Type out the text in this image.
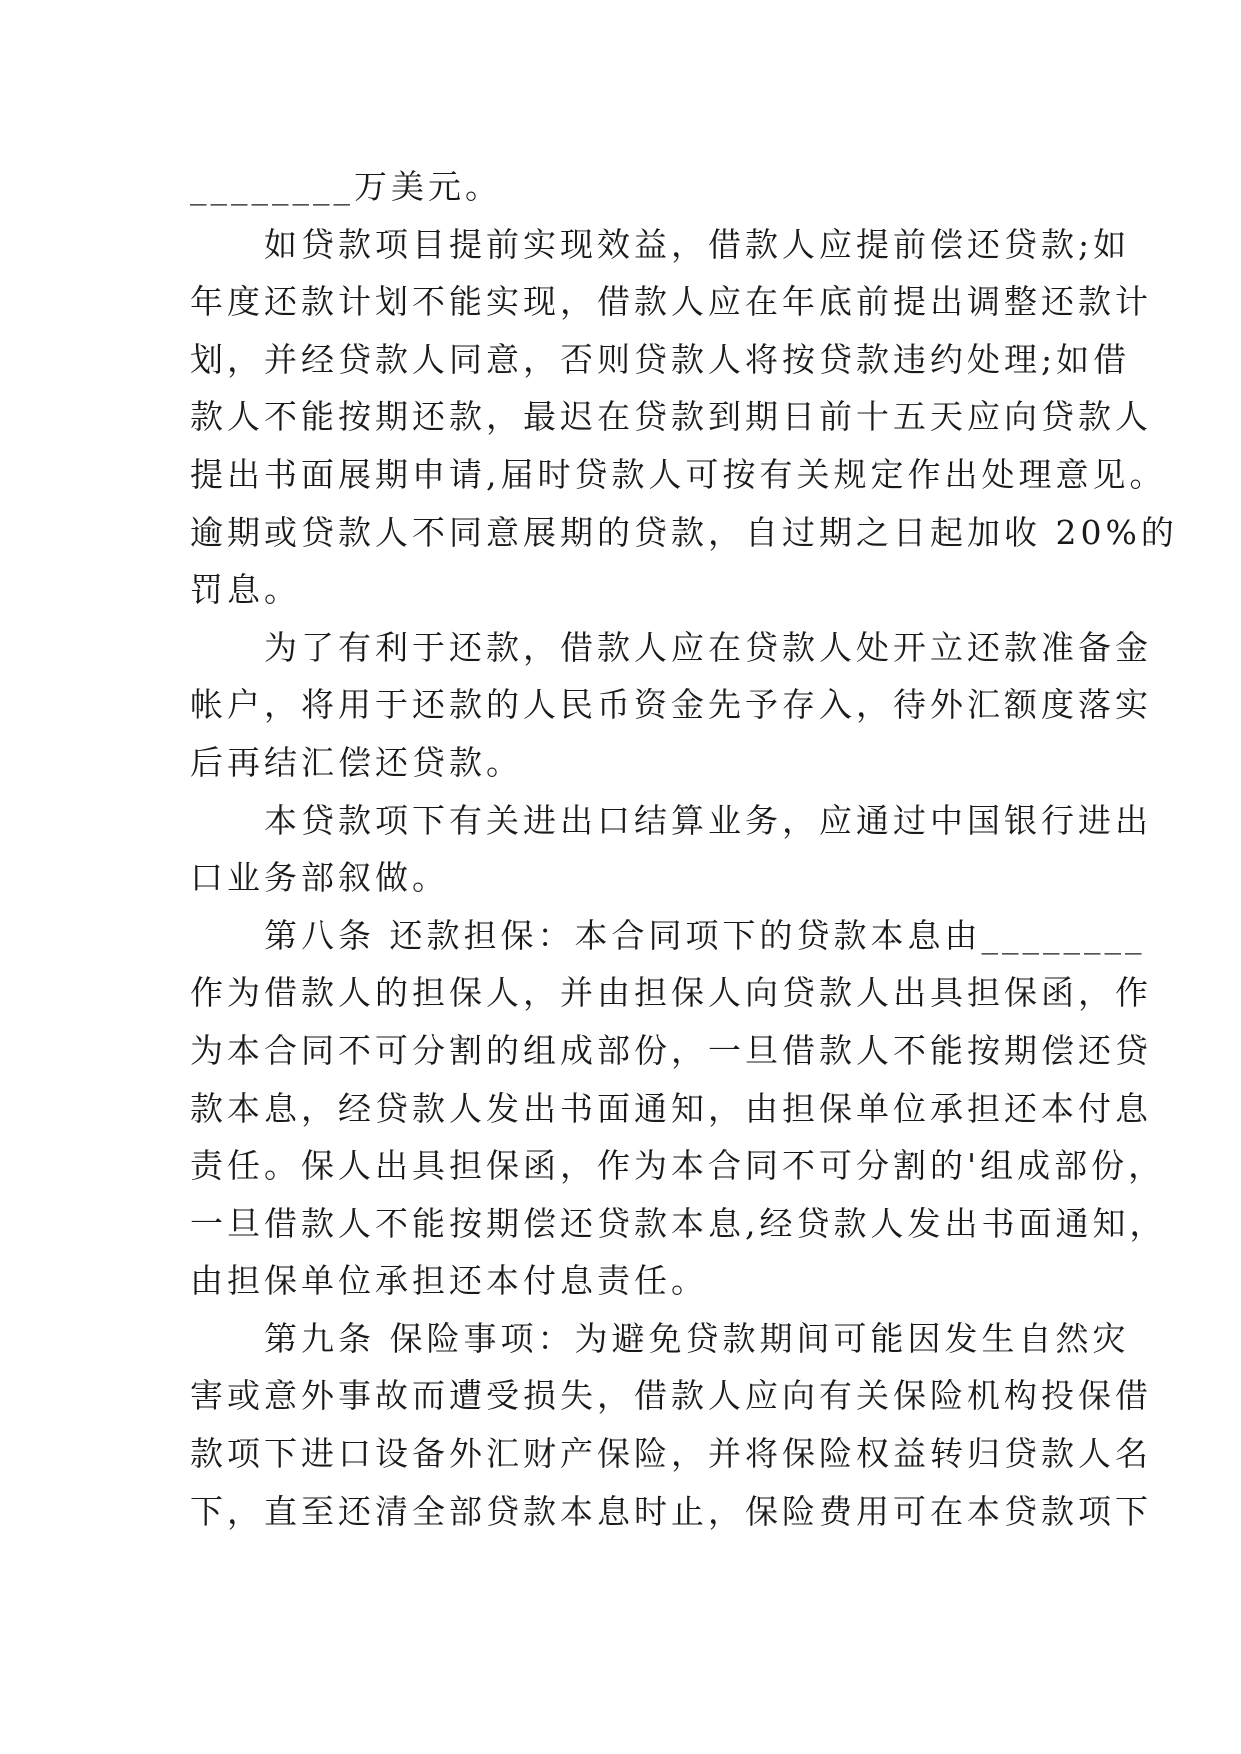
________万美元。
　　如贷款项目提前实现效益，借款人应提前偿还贷款;如
年度还款计划不能实现，借款人应在年底前提出调整还款计
划，并经贷款人同意，否则贷款人将按贷款违约处理;如借
款人不能按期还款，最迟在贷款到期日前十五天应向贷款人
提出书面展期申请,届时贷款人可按有关规定作出处理意见。
逾期或贷款人不同意展期的贷款，自过期之日起加收 20%的
罚息。
　　为了有利于还款，借款人应在贷款人处开立还款准备金
帐户，将用于还款的人民币资金先予存入，待外汇额度落实
后再结汇偿还贷款。
　　本贷款项下有关进出口结算业务，应通过中国银行进出
口业务部叙做。
　　第八条 还款担保：本合同项下的贷款本息由________
作为借款人的担保人，并由担保人向贷款人出具担保函，作
为本合同不可分割的组成部份，一旦借款人不能按期偿还贷
款本息，经贷款人发出书面通知，由担保单位承担还本付息
责任。保人出具担保函，作为本合同不可分割的'组成部份，
一旦借款人不能按期偿还贷款本息,经贷款人发出书面通知，
由担保单位承担还本付息责任。
　　第九条 保险事项：为避免贷款期间可能因发生自然灾
害或意外事故而遭受损失，借款人应向有关保险机构投保借
款项下进口设备外汇财产保险，并将保险权益转归贷款人名
下，直至还清全部贷款本息时止，保险费用可在本贷款项下
